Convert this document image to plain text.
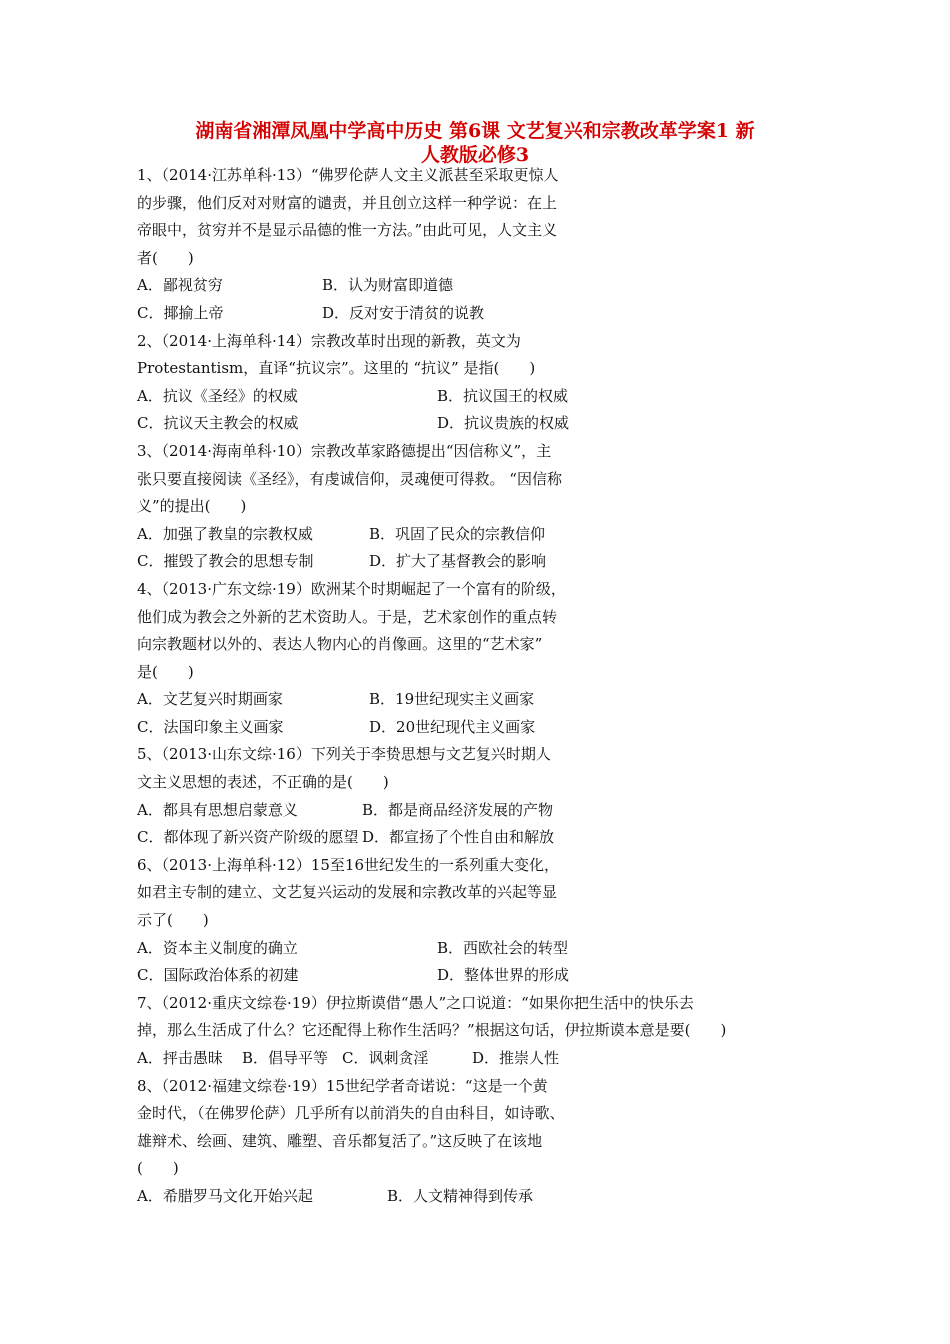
湖南省湘潭凤凰中学高中历史 第6课 文艺复兴和宗教改革学案1 新
人教版必修3
1、（2014·江苏单科·13）“佛罗伦萨人文主义派甚至采取更惊人
的步骤，他们反对对财富的谴责，并且创立这样一种学说：在上
帝眼中，贫穷并不是显示品德的惟一方法。”由此可见，人文主义
者(　　)
A．鄙视贫穷	B．认为财富即道德
C．揶揄上帝	D．反对安于清贫的说教
2、（2014·上海单科·14）宗教改革时出现的新教，英文为
Protestantism，直译“抗议宗”。这里的 “抗议” 是指(　　)
A．抗议《圣经》的权威	B．抗议国王的权威
C．抗议天主教会的权威	D．抗议贵族的权威
3、（2014·海南单科·10）宗教改革家路德提出“因信称义”，主
张只要直接阅读《圣经》，有虔诚信仰，灵魂便可得救。 “因信称
义”的提出(　　)
A．加强了教皇的宗教权威	B．巩固了民众的宗教信仰
C．摧毁了教会的思想专制	D．扩大了基督教会的影响
4、（2013·广东文综·19）欧洲某个时期崛起了一个富有的阶级，
他们成为教会之外新的艺术资助人。于是，艺术家创作的重点转
向宗教题材以外的、表达人物内心的肖像画。这里的“艺术家”
是(　　)
A．文艺复兴时期画家	B．19世纪现实主义画家
C．法国印象主义画家	D．20世纪现代主义画家
5、（2013·山东文综·16）下列关于李贽思想与文艺复兴时期人
文主义思想的表述，不正确的是(　　)
A．都具有思想启蒙意义	B．都是商品经济发展的产物
C．都体现了新兴资产阶级的愿望 D．都宣扬了个性自由和解放
6、（2013·上海单科·12）15至16世纪发生的一系列重大变化，
如君主专制的建立、文艺复兴运动的发展和宗教改革的兴起等显
示了(　　)
A．资本主义制度的确立	B．西欧社会的转型
C．国际政治体系的初建	D．整体世界的形成
7、（2012·重庆文综卷·19）伊拉斯谟借“愚人”之口说道：“如果你把生活中的快乐去
掉，那么生活成了什么？它还配得上称作生活吗？”根据这句话，伊拉斯谟本意是要(　　)
A．抨击愚昧	B．倡导平等 C．讽刺贪淫	D．推崇人性
8、（2012·福建文综卷·19）15世纪学者奇诺说：“这是一个黄
金时代，（在佛罗伦萨）几乎所有以前消失的自由科目，如诗歌、
雄辩术、绘画、建筑、雕塑、音乐都复活了。”这反映了在该地
(　　)
A．希腊罗马文化开始兴起	B．人文精神得到传承
